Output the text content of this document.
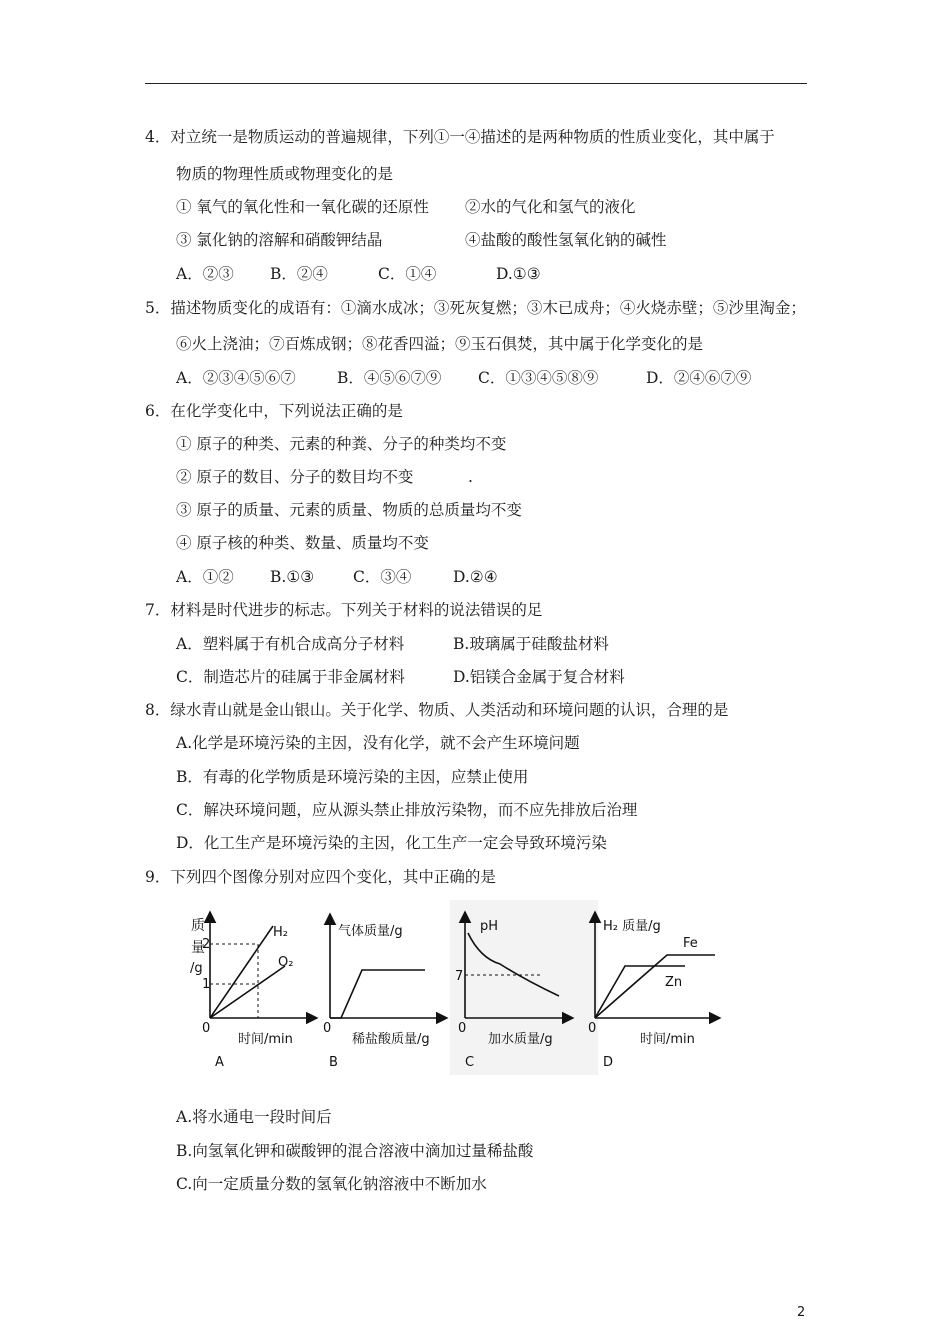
4．对立统一是物质运动的普遍规律，下列①一④描述的是两种物质的性质业变化，其中属于
物质的物理性质或物理变化的是
① 氧气的氧化性和一氧化碳的还原性 ②水的气化和氢气的液化
③ 氯化钠的溶解和硝酸钾结晶	④盐酸的酸性氢氧化钠的碱性
A．②③ B．②④	C．①④	D.①③
5．描述物质变化的成语有：①滴水成冰；③死灰复燃；③木已成舟；④火烧赤壁；⑤沙里淘金；
⑥火上浇油；⑦百炼成钢；⑧花香四溢；⑨玉石俱焚，其中属于化学变化的是
A．②③④⑤⑥⑦	B．④⑤⑥⑦⑨ C．①③④⑤⑧⑨	D．②④⑥⑦⑨
6．在化学变化中，下列说法正确的是
① 原子的种类、元素的种粪、分子的种类均不变
② 原子的数目、分子的数目均不变	.
③ 原子的质量、元素的质量、物质的总质量均不变
④ 原子核的种类、数量、质量均不变
A．①② B.①③	C．③④	D.②④
7．材料是时代进步的标志。下列关于材料的说法错误的足
A．塑料属于有机合成高分子材料	B.玻璃属于硅酸盐材料
C．制造芯片的硅属于非金属材料	D.铝镁合金属于复合材料
8．绿水青山就是金山银山。关于化学、物质、人类活动和环境问题的认识，合理的是
A.化学是环境污染的主因，没有化学，就不会产生环境问题
B．有毒的化学物质是环境污染的主因，应禁止使用
C．解决环境问题，应从源头禁止排放污染物，而不应先排放后治理
D．化工生产是环境污染的主因，化工生产一定会导致环境污染
9．下列四个图像分别对应四个变化，其中正确的是
质
量
/g
2
1
0
H₂
O₂
时间/min
A
气体质量/g
0
稀盐酸质量/g
B
pH
7
0
加水质量/g
C
H₂ 质量/g
0
Fe
Zn
时间/min
D
A.将水通电一段时间后
B.向氢氧化钾和碳酸钾的混合溶液中滴加过量稀盐酸
C.向一定质量分数的氢氧化钠溶液中不断加水
2
